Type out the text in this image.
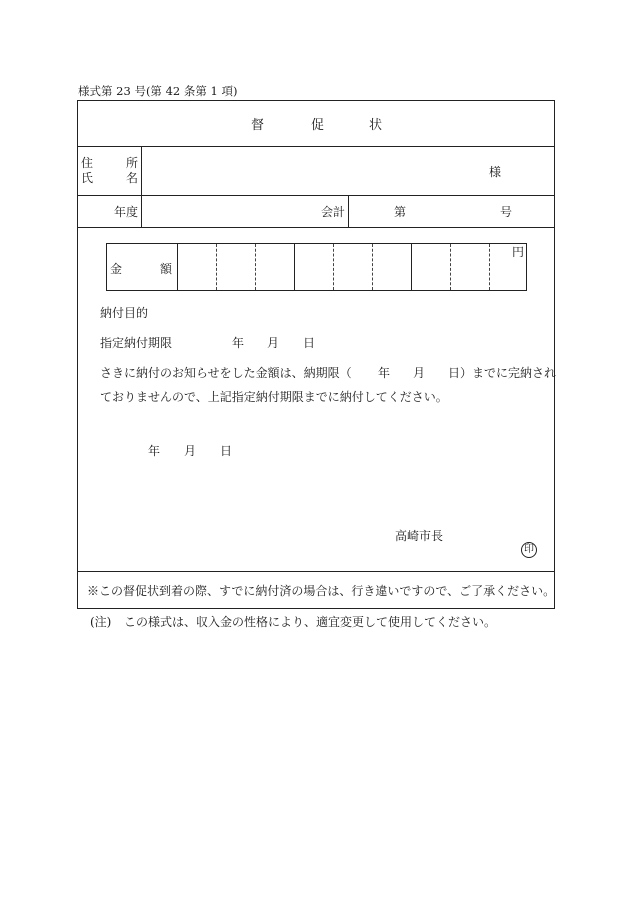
様式第 23 号(第 42 条第 1 項)
督	促	状
住	所
氏	名	様
年度	会計	第	号
金	額
円
納付目的
指定納付期限	年 月 日
さきに納付のお知らせをした金額は、納期限（ 年 月 日）までに完納され
ておりませんので、上記指定納付期限までに納付してください。
年 月 日
高崎市長
印
※この督促状到着の際、すでに納付済の場合は、行き違いですので、ご了承ください。
(注) この様式は、収入金の性格により、適宜変更して使用してください。
